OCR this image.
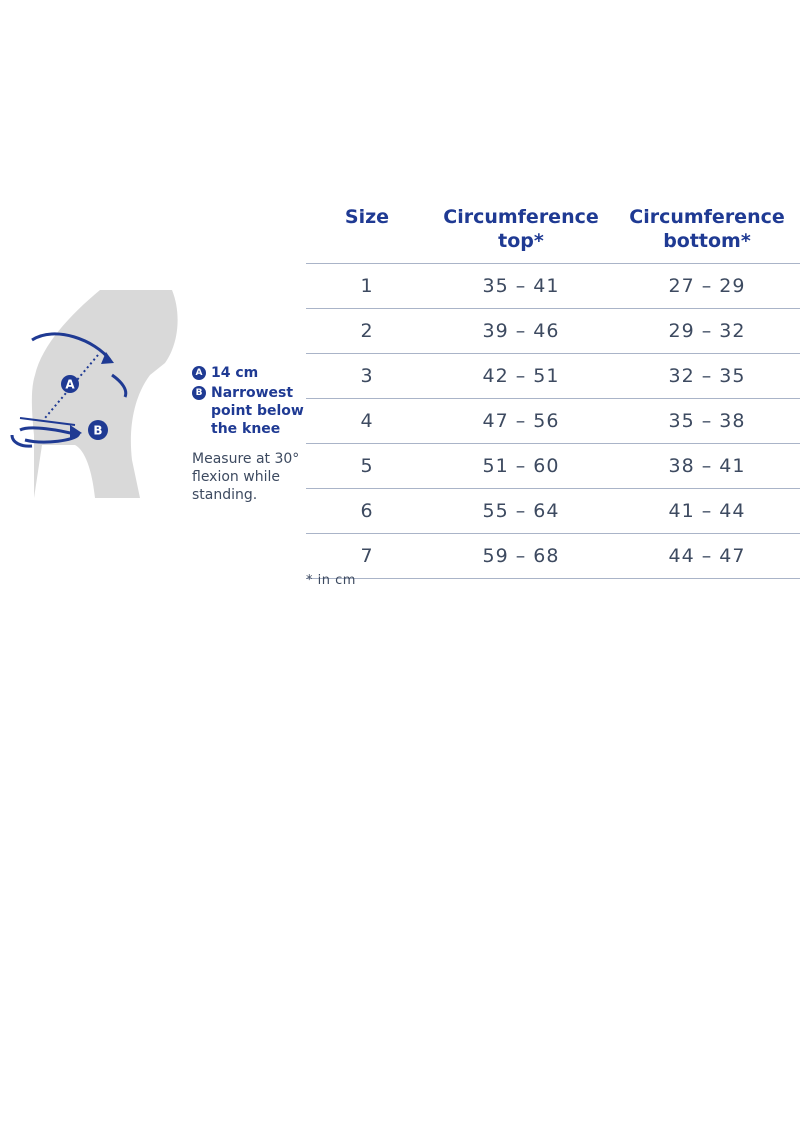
A
B
A 14 cm
B Narrowest point below the knee
Measure at 30° flexion while standing.
Size	Circumference top*	Circumference bottom*
1	35 – 41	27 – 29
2	39 – 46	29 – 32
3	42 – 51	32 – 35
4	47 – 56	35 – 38
5	51 – 60	38 – 41
6	55 – 64	41 – 44
7	59 – 68	44 – 47
* in cm
